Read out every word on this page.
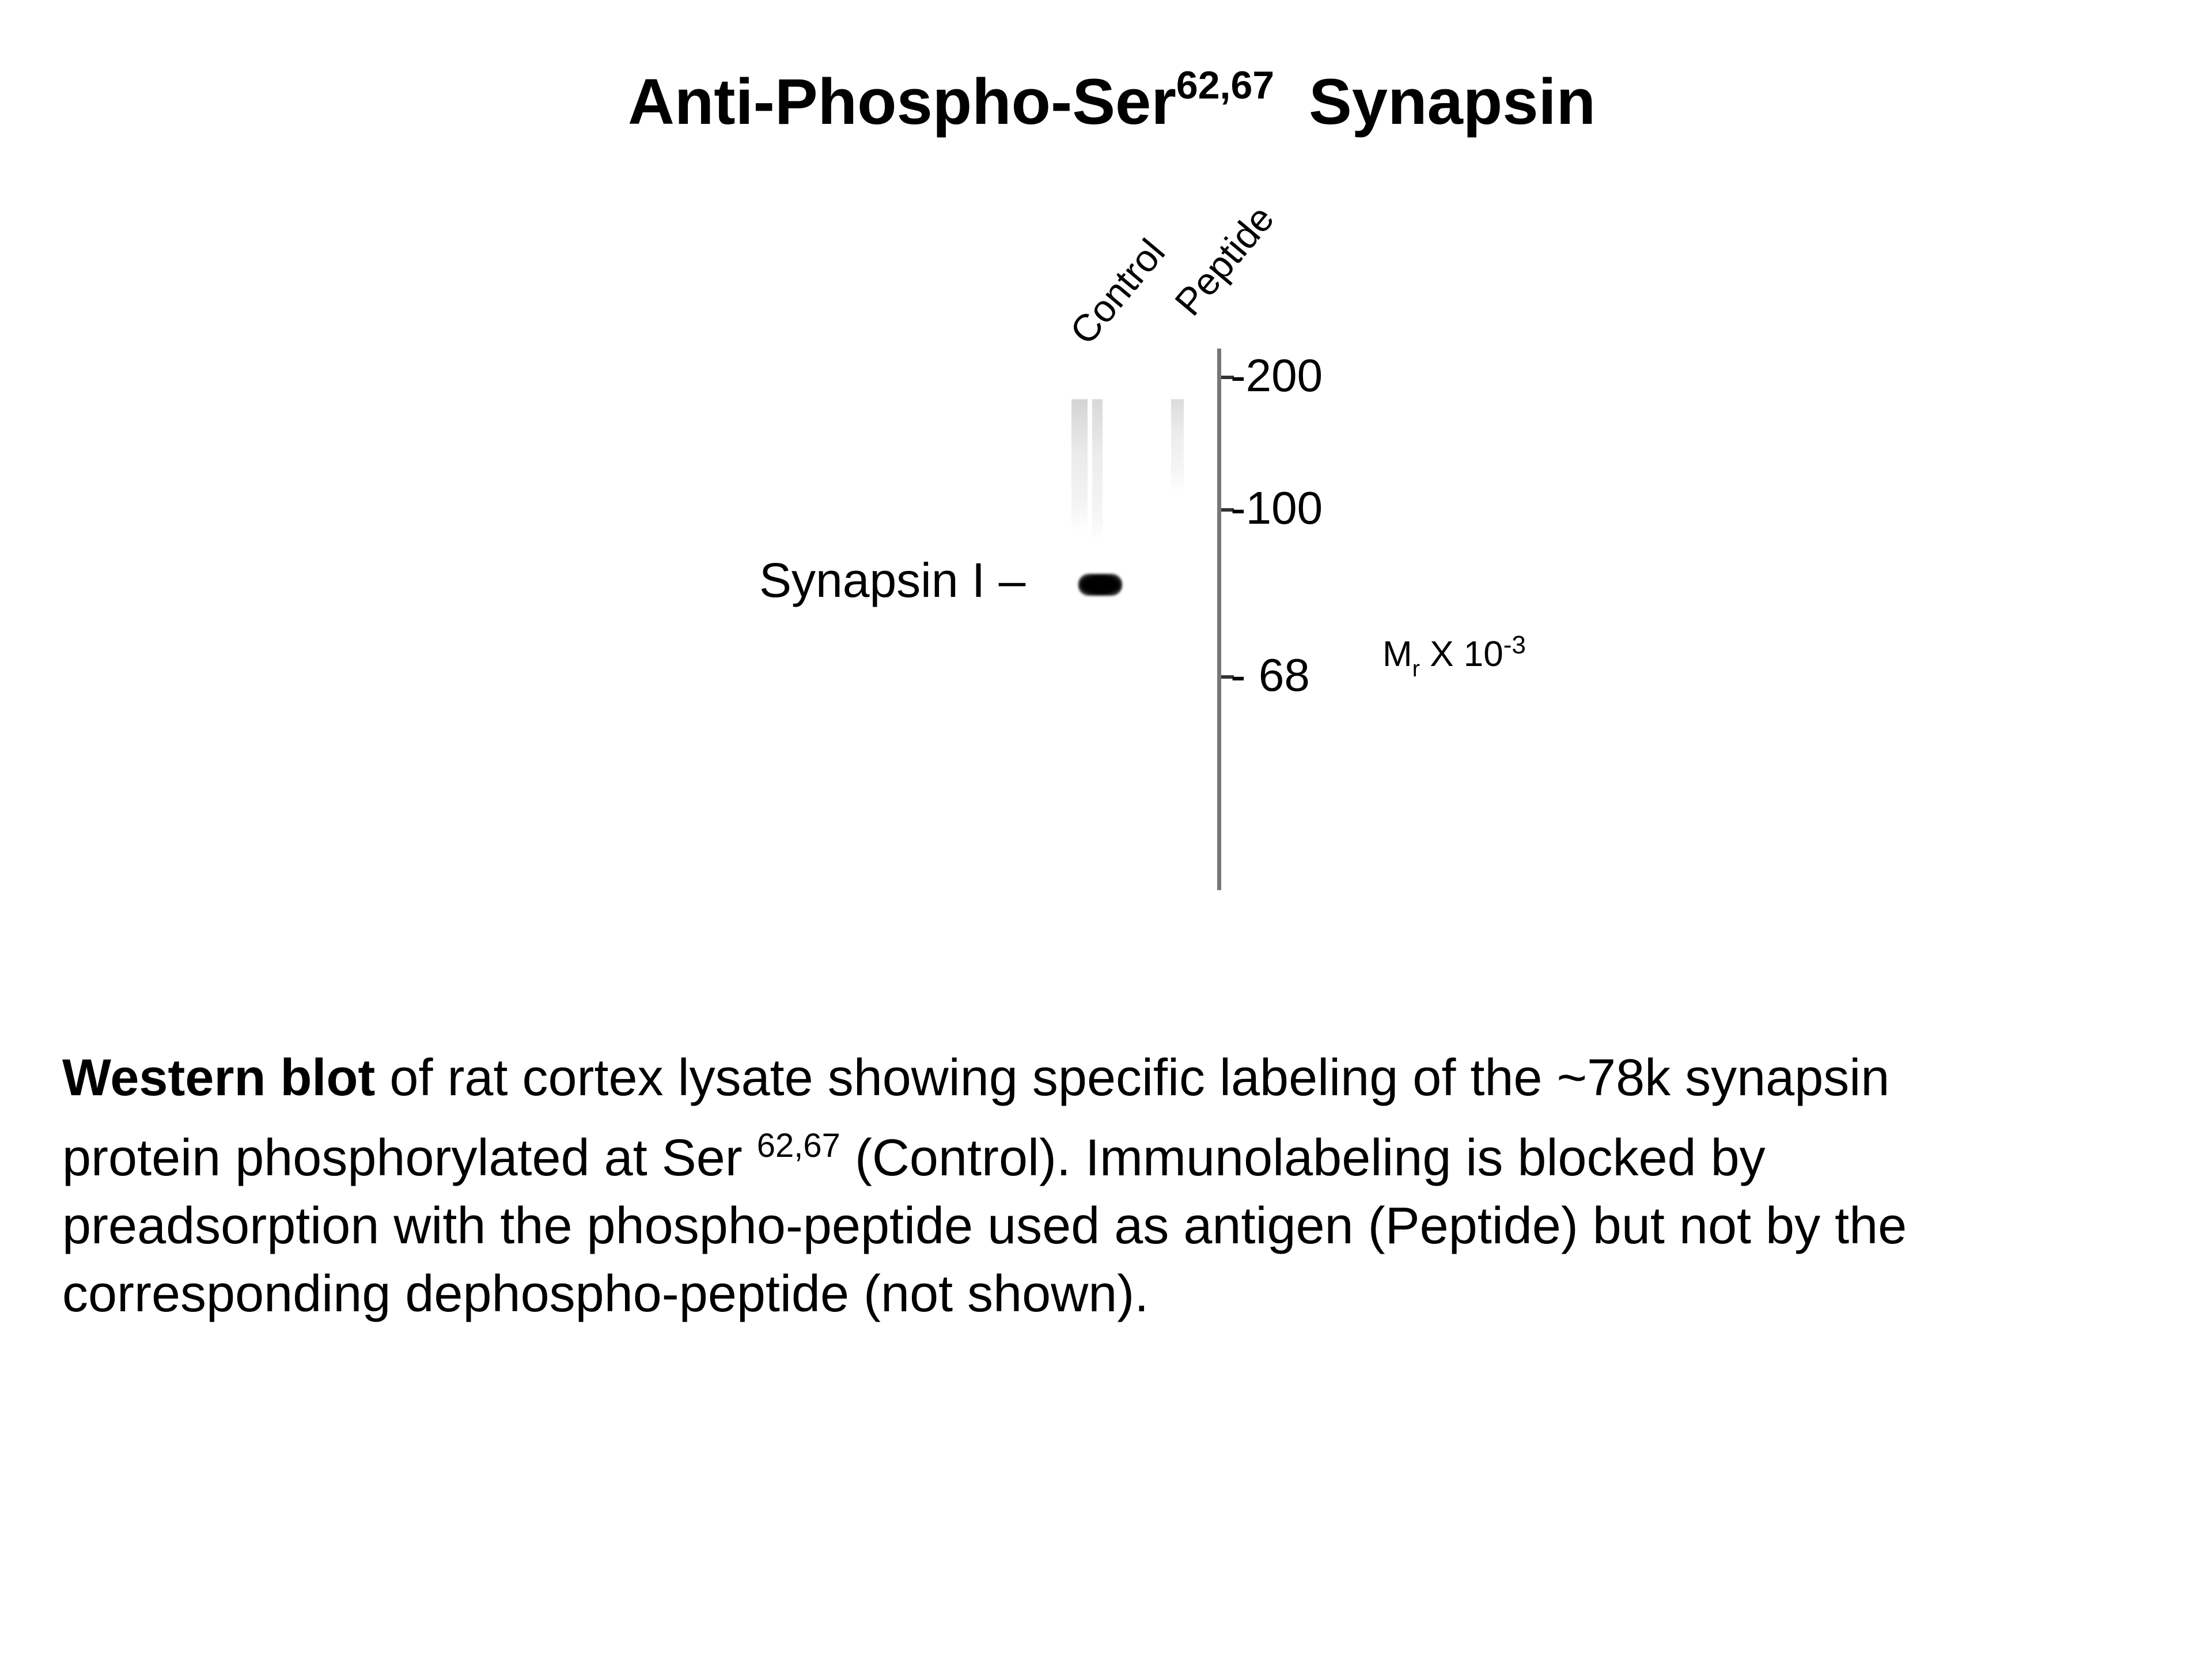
Anti-Phospho-Ser$^{62,67}$ Synapsin
Control
Peptide
Synapsin I –
-200
-100
- 68 $M_r$ X $10^{-3}$
Western blot of rat cortex lysate showing specific labeling of the ~78k synapsin
protein phosphorylated at Ser $^{62,67}$ (Control). Immunolabeling is blocked by
preadsorption with the phospho-peptide used as antigen (Peptide) but not by the
corresponding dephospho-peptide (not shown).
